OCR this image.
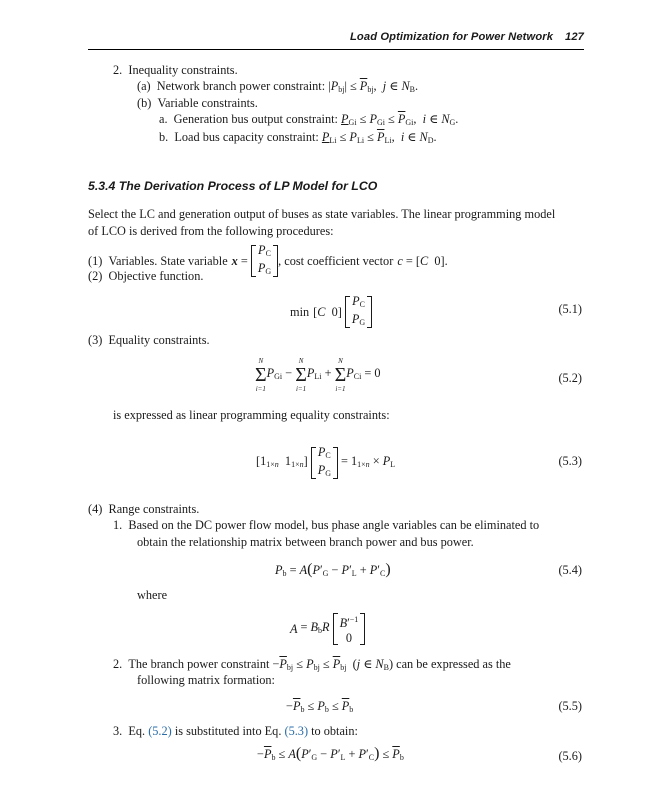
Load Optimization for Power Network 127
2. Inequality constraints.
(a) Network branch power constraint: $|P_{bj}| \le \overline{P}_{bj}$, j ∈ $N_B$.
(b) Variable constraints.
a. Generation bus output constraint: $P_{Gi} \le P_{Gi} \le \overline{P}_{Gi}$, i ∈ $N_G$.
b. Load bus capacity constraint: $P_{Li} \le P_{Li} \le \overline{P}_{Li}$, i ∈ $N_D$.
5.3.4 The Derivation Process of LP Model for LCO
Select the LC and generation output of buses as state variables. The linear programming model
of LCO is derived from the following procedures:
(1) Variables. State variable x =
$P_C$
$P_G$
, cost coefficient vector c = [C 0].
(2) Objective function.
min [C 0]
$P_C$
$P_G$
(5.1)
(3) Equality constraints.
N
Σ
i=1
$P_{Gi}$ −
N
Σ
i=1
$P_{Li}$ +
N
Σ
i=1
$P_{Ci} = 0$	(5.2)
is expressed as linear programming equality constraints:
[$1_{1\times n}$ $1_{1\times n}$]
$P_C$
$P_G$
= $1_{1\times n} \times P_L$	(5.3)
(4) Range constraints.
1. Based on the DC power flow model, bus phase angle variables can be eliminated to
obtain the relationship matrix between branch power and bus power.
$P_b = A(P'_G - P'_L + P'_C)$	(5.4)
where
$A = B_bR$ $B'^{-1}$
0
2. The branch power constraint $-\overline{P}_{bj} \le P_{bj} \le \overline{P}_{bj}$ (j ∈ $N_B$) can be expressed as the
following matrix formation:
$-\overline{P}_b \le P_b \le \overline{P}_b$	(5.5)
3. Eq. (5.2) is substituted into Eq. (5.3) to obtain:
$-\overline{P}_b \le A(P'_G - P'_L + P'_C) \le \overline{P}_b$	(5.6)
